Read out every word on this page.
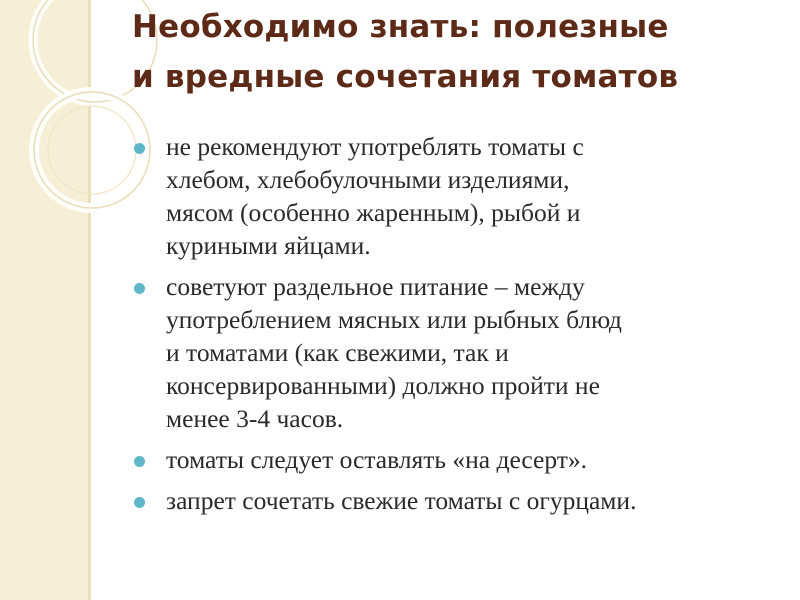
Необходимо знать: полезные
и вредные сочетания томатов
не рекомендуют употреблять томаты с
хлебом, хлебобулочными изделиями,
мясом (особенно жаренным), рыбой и
куриными яйцами.
советуют раздельное питание – между
употреблением мясных или рыбных блюд
и томатами (как свежими, так и
консервированными) должно пройти не
менее 3-4 часов.
томаты следует оставлять «на десерт».
запрет сочетать свежие томаты с огурцами.
